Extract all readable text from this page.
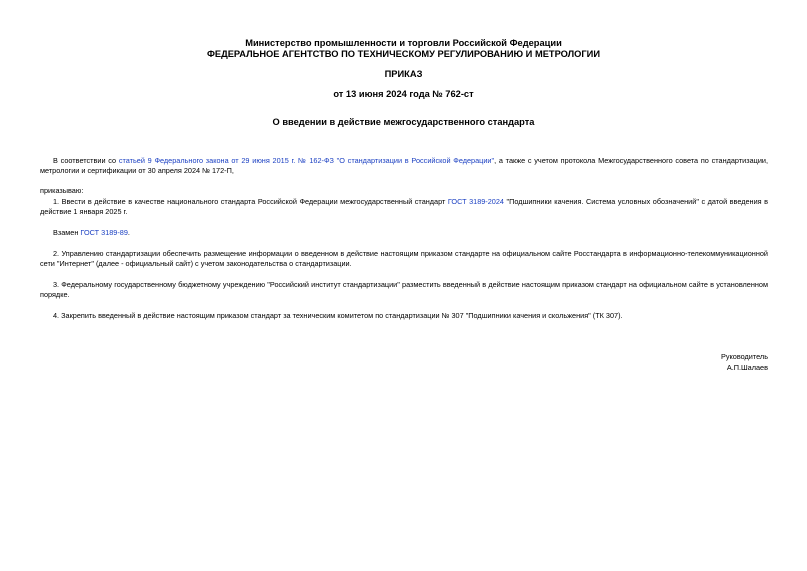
Министерство промышленности и торговли Российской Федерации
ФЕДЕРАЛЬНОЕ АГЕНТСТВО ПО ТЕХНИЧЕСКОМУ РЕГУЛИРОВАНИЮ И МЕТРОЛОГИИ
ПРИКАЗ
от 13 июня 2024 года № 762-ст
О введении в действие межгосударственного стандарта
В соответствии со статьей 9 Федерального закона от 29 июня 2015 г. № 162-ФЗ "О стандартизации в Российской Федерации", а также с учетом протокола Межгосударственного совета по стандартизации, метрологии и сертификации от 30 апреля 2024 № 172-П,
приказываю:
1. Ввести в действие в качестве национального стандарта Российской Федерации межгосударственный стандарт ГОСТ 3189-2024 "Подшипники качения. Система условных обозначений" с датой введения в действие 1 января 2025 г.
Взамен ГОСТ 3189-89.
2. Управлению стандартизации обеспечить размещение информации о введенном в действие настоящим приказом стандарте на официальном сайте Росстандарта в информационно-телекоммуникационной сети "Интернет" (далее - официальный сайт) с учетом законодательства о стандартизации.
3. Федеральному государственному бюджетному учреждению "Российский институт стандартизации" разместить введенный в действие настоящим приказом стандарт на официальном сайте в установленном порядке.
4. Закрепить введенный в действие настоящим приказом стандарт за техническим комитетом по стандартизации № 307 "Подшипники качения и скольжения" (ТК 307).
Руководитель
А.П.Шалаев
